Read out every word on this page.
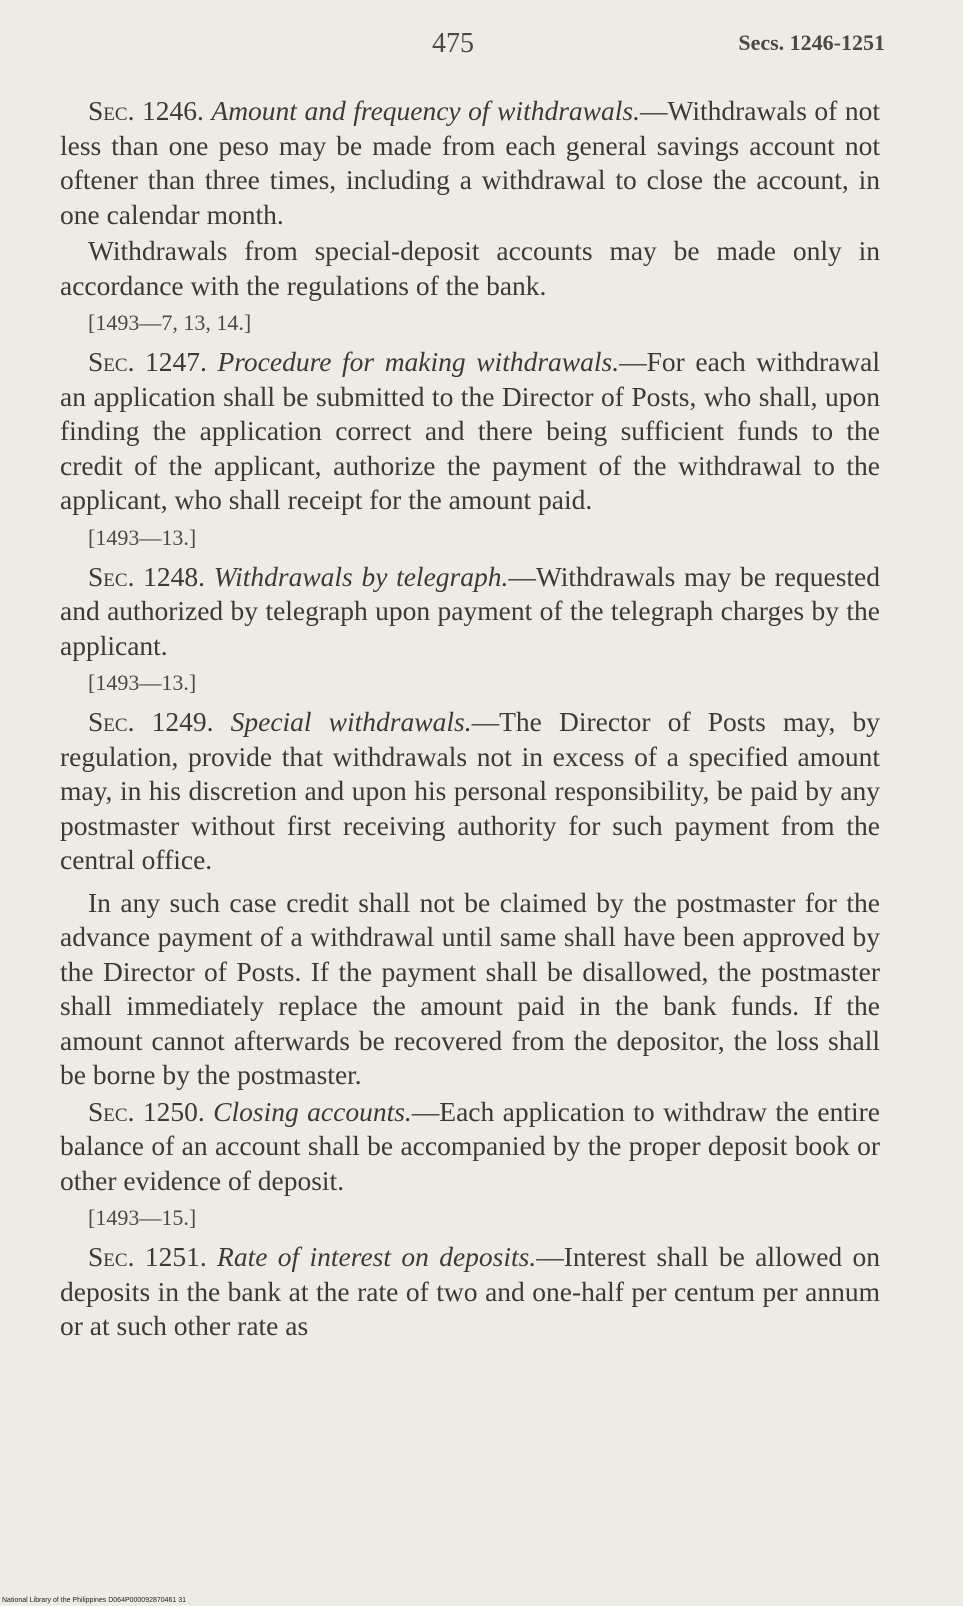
475	Secs. 1246-1251

Sec. 1246. Amount and frequency of withdrawals.—Withdrawals of not less than one peso may be made from each general savings account not oftener than three times, including a withdrawal to close the account, in one calendar month.

Withdrawals from special-deposit accounts may be made only in accordance with the regulations of the bank.

[1493—7, 13, 14.]

Sec. 1247. Procedure for making withdrawals.—For each withdrawal an application shall be submitted to the Director of Posts, who shall, upon finding the application correct and there being sufficient funds to the credit of the applicant, authorize the payment of the withdrawal to the applicant, who shall receipt for the amount paid.

[1493—13.]

Sec. 1248. Withdrawals by telegraph.—Withdrawals may be requested and authorized by telegraph upon payment of the telegraph charges by the applicant.

[1493—13.]

Sec. 1249. Special withdrawals.—The Director of Posts may, by regulation, provide that withdrawals not in excess of a specified amount may, in his discretion and upon his personal responsibility, be paid by any postmaster without first receiving authority for such payment from the central office.

In any such case credit shall not be claimed by the postmaster for the advance payment of a withdrawal until same shall have been approved by the Director of Posts. If the payment shall be disallowed, the postmaster shall immediately replace the amount paid in the bank funds. If the amount cannot afterwards be recovered from the depositor, the loss shall be borne by the postmaster.

Sec. 1250. Closing accounts.—Each application to withdraw the entire balance of an account shall be accompanied by the proper deposit book or other evidence of deposit.

[1493—15.]

Sec. 1251. Rate of interest on deposits.—Interest shall be allowed on deposits in the bank at the rate of two and one-half per centum per annum or at such other rate as

National Library of the Philippines D064P000092870461 31
